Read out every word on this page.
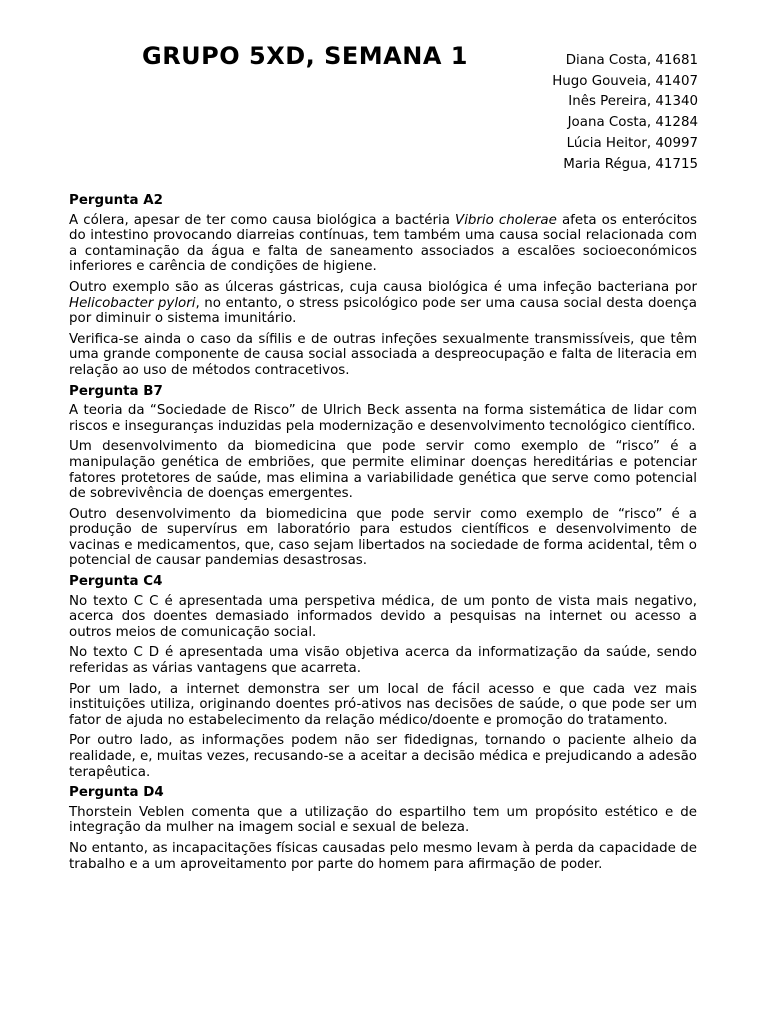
GRUPO 5XD, SEMANA 1	Diana Costa, 41681
Hugo Gouveia, 41407
Inês Pereira, 41340
Joana Costa, 41284
Lúcia Heitor, 40997
Maria Régua, 41715
Pergunta A2

A cólera, apesar de ter como causa biológica a bactéria Vibrio cholerae afeta os enterócitos do intestino provocando diarreias contínuas, tem também uma causa social relacionada com a contaminação da água e falta de saneamento associados a escalões socioeconómicos inferiores e carência de condições de higiene.

Outro exemplo são as úlceras gástricas, cuja causa biológica é uma infeção bacteriana por Helicobacter pylori, no entanto, o stress psicológico pode ser uma causa social desta doença por diminuir o sistema imunitário.

Verifica-se ainda o caso da sífilis e de outras infeções sexualmente transmissíveis, que têm uma grande componente de causa social associada a despreocupação e falta de literacia em relação ao uso de métodos contracetivos.

Pergunta B7

A teoria da “Sociedade de Risco” de Ulrich Beck assenta na forma sistemática de lidar com riscos e inseguranças induzidas pela modernização e desenvolvimento tecnológico científico.

Um desenvolvimento da biomedicina que pode servir como exemplo de “risco” é a manipulação genética de embriões, que permite eliminar doenças hereditárias e potenciar fatores protetores de saúde, mas elimina a variabilidade genética que serve como potencial de sobrevivência de doenças emergentes.

Outro desenvolvimento da biomedicina que pode servir como exemplo de “risco” é a produção de supervírus em laboratório para estudos científicos e desenvolvimento de vacinas e medicamentos, que, caso sejam libertados na sociedade de forma acidental, têm o potencial de causar pandemias desastrosas.

Pergunta C4

No texto C C é apresentada uma perspetiva médica, de um ponto de vista mais negativo, acerca dos doentes demasiado informados devido a pesquisas na internet ou acesso a outros meios de comunicação social.

No texto C D é apresentada uma visão objetiva acerca da informatização da saúde, sendo referidas as várias vantagens que acarreta.

Por um lado, a internet demonstra ser um local de fácil acesso e que cada vez mais instituições utiliza, originando doentes pró-ativos nas decisões de saúde, o que pode ser um fator de ajuda no estabelecimento da relação médico/doente e promoção do tratamento.

Por outro lado, as informações podem não ser fidedignas, tornando o paciente alheio da realidade, e, muitas vezes, recusando-se a aceitar a decisão médica e prejudicando a adesão terapêutica.

Pergunta D4

Thorstein Veblen comenta que a utilização do espartilho tem um propósito estético e de integração da mulher na imagem social e sexual de beleza.

No entanto, as incapacitações físicas causadas pelo mesmo levam à perda da capacidade de trabalho e a um aproveitamento por parte do homem para afirmação de poder.
